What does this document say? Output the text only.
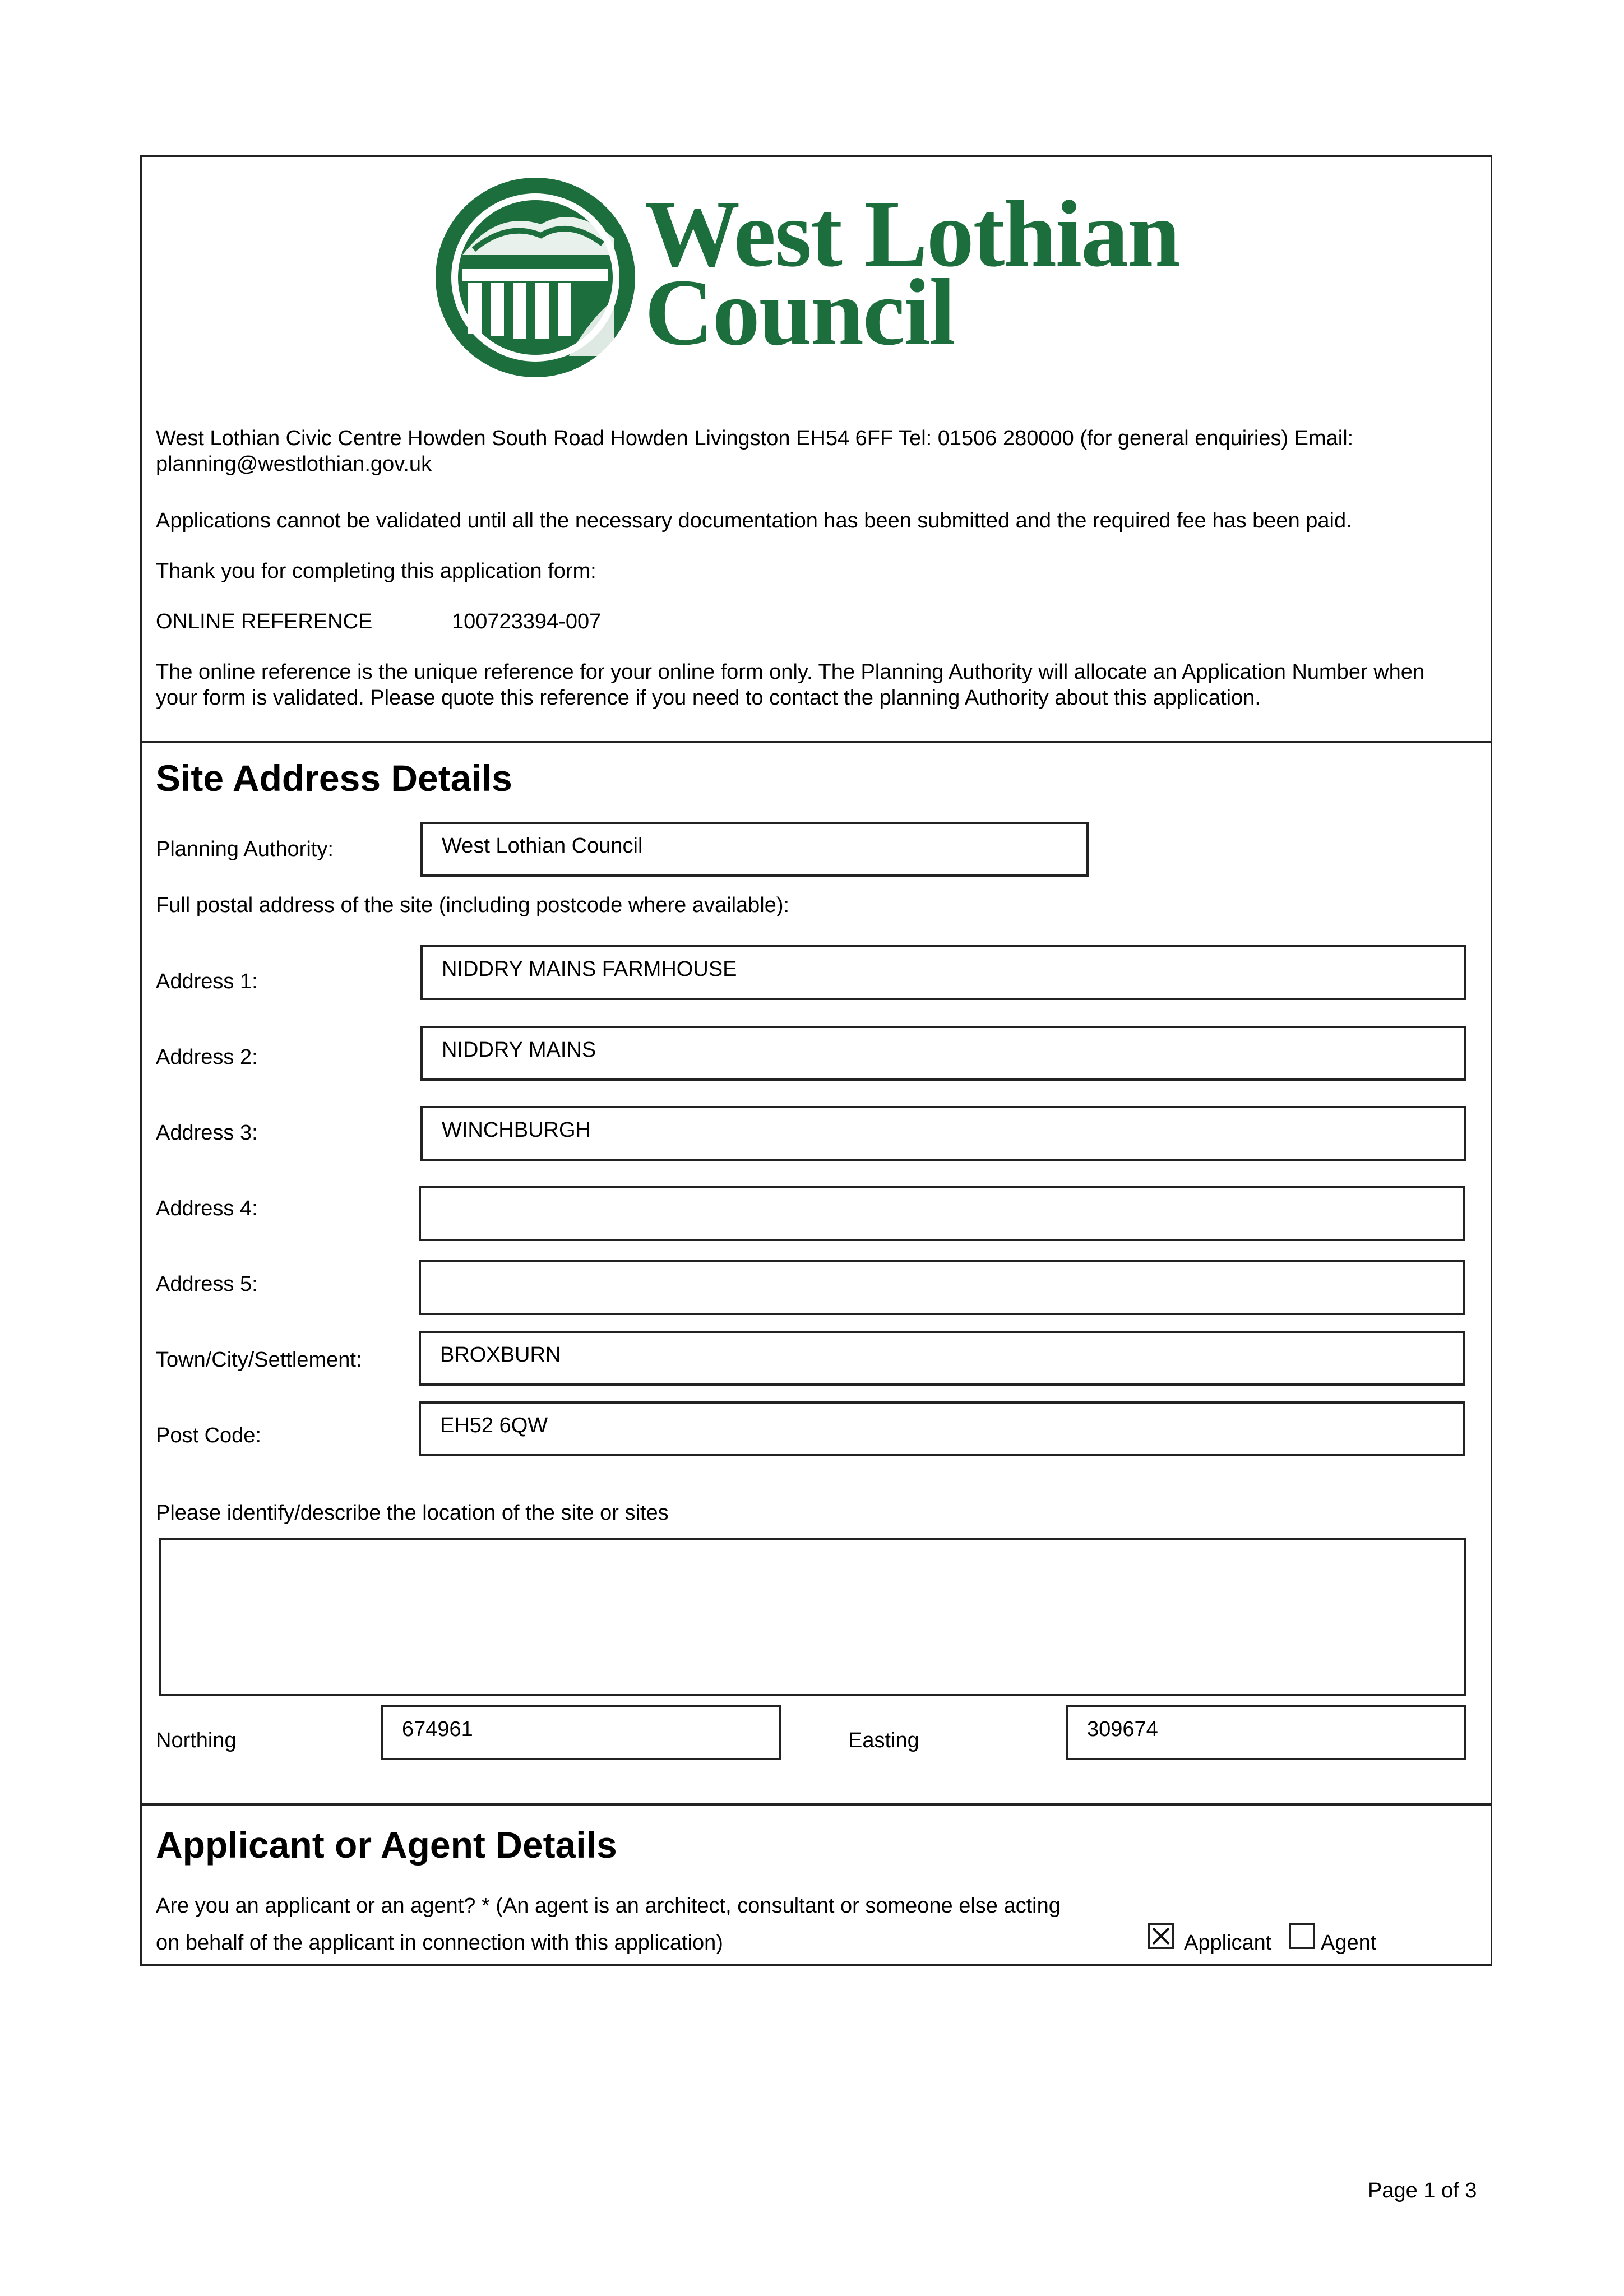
West Lothian
Council
West Lothian Civic Centre Howden South Road Howden Livingston EH54 6FF Tel: 01506 280000 (for general enquiries) Email:
planning@westlothian.gov.uk
Applications cannot be validated until all the necessary documentation has been submitted and the required fee has been paid.
Thank you for completing this application form:
ONLINE REFERENCE	100723394-007
The online reference is the unique reference for your online form only. The Planning Authority will allocate an Application Number when
your form is validated. Please quote this reference if you need to contact the planning Authority about this application.
Site Address Details
Planning Authority:	West Lothian Council
Full postal address of the site (including postcode where available):
Address 1:
NIDDRY MAINS FARMHOUSE
Address 2:	NIDDRY MAINS
Address 3:	WINCHBURGH
Address 4:
Address 5:
Town/City/Settlement:	BROXBURN
Post Code:	EH52 6QW
Please identify/describe the location of the site or sites
Northing	674961	Easting	309674
Applicant or Agent Details
Are you an applicant or an agent? * (An agent is an architect, consultant or someone else acting
on behalf of the applicant in connection with this application)	Applicant Agent
Page 1 of 3
